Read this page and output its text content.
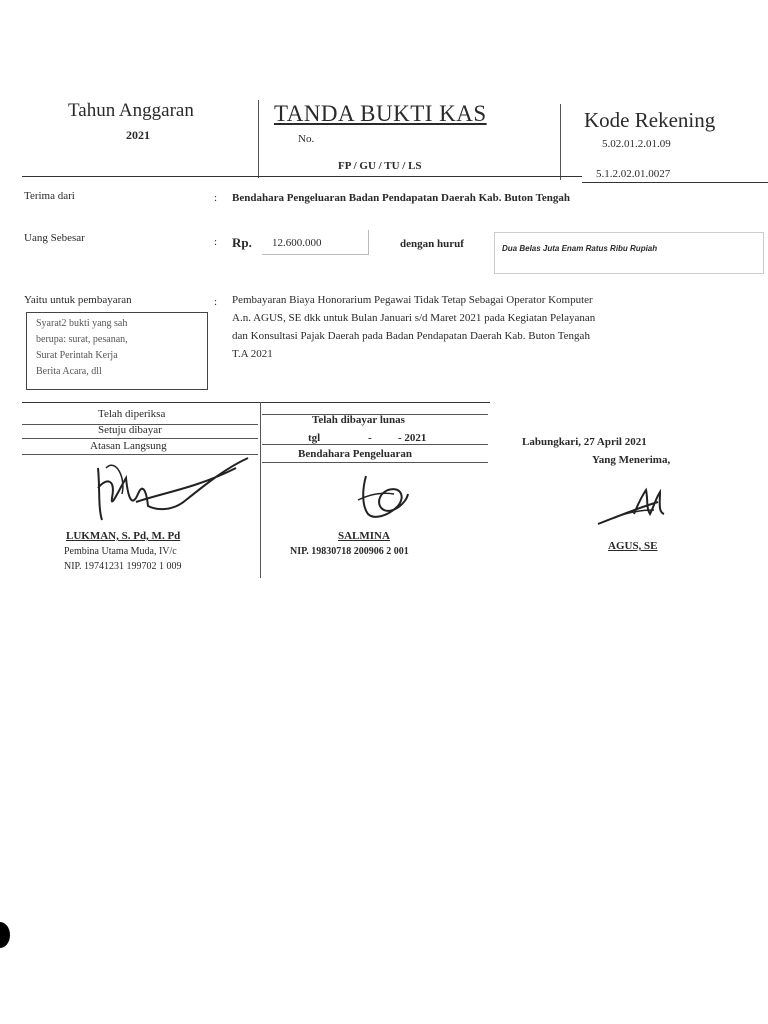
Tahun Anggaran
2021
TANDA BUKTI KAS
No.
FP / GU / TU / LS
Kode Rekening
5.02.01.2.01.09
5.1.2.02.01.0027
Terima dari	: Bendahara Pengeluaran Badan Pendapatan Daerah Kab. Buton Tengah
Uang Sebesar	: Rp. 12.600.000	dengan huruf	Dua Belas Juta Enam Ratus Ribu Rupiah
Yaitu untuk pembayaran	: Pembayaran Biaya Honorarium Pegawai Tidak Tetap Sebagai Operator Komputer
A.n. AGUS, SE dkk untuk Bulan Januari s/d Maret 2021 pada Kegiatan Pelayanan
dan Konsultasi Pajak Daerah pada Badan Pendapatan Daerah Kab. Buton Tengah
T.A 2021
Syarat2 bukti yang sah
berupa: surat, pesanan,
Surat Perintah Kerja
Berita Acara, dll
Telah diperiksa
Setuju dibayar
Atasan Langsung
LUKMAN, S. Pd, M. Pd
Pembina Utama Muda, IV/c
NIP. 19741231 199702 1 009
Telah dibayar lunas
tgl	- - 2021
Bendahara Pengeluaran
SALMINA
NIP. 19830718 200906 2 001
Labungkari, 27 April 2021
Yang Menerima,
AGUS, SE
